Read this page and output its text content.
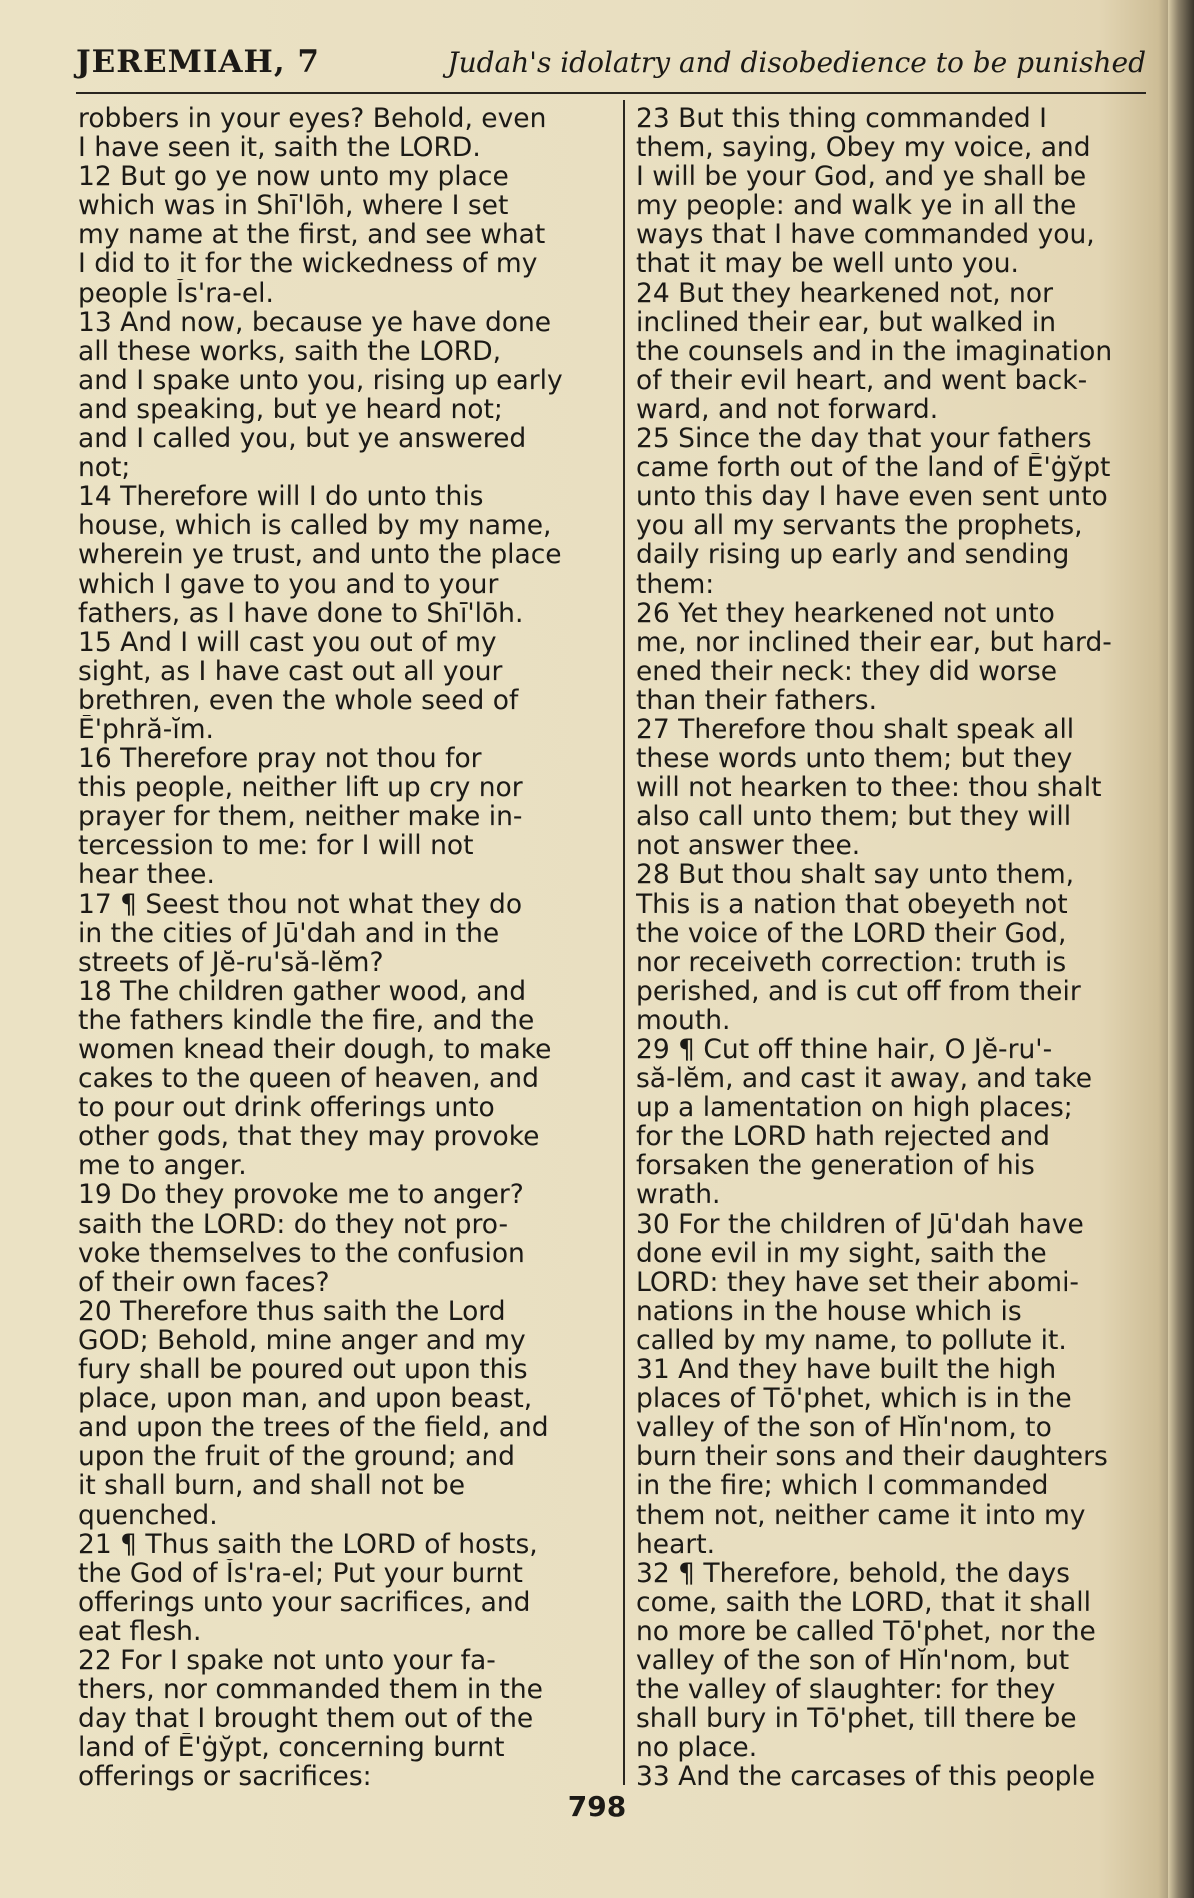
JEREMIAH, 7	Judah's idolatry and disobedience to be punished
robbers in your eyes? Behold, even
I have seen it, saith the LORD.
12 But go ye now unto my place
which was in Shī'lōh, where I set
my name at the first, and see what
I did to it for the wickedness of my
people Ĭs'ra-el.
13 And now, because ye have done
all these works, saith the LORD,
and I spake unto you, rising up early
and speaking, but ye heard not;
and I called you, but ye answered
not;
14 Therefore will I do unto this
house, which is called by my name,
wherein ye trust, and unto the place
which I gave to you and to your
fathers, as I have done to Shī'lōh.
15 And I will cast you out of my
sight, as I have cast out all your
brethren, even the whole seed of
Ē'phră-ĭm.
16 Therefore pray not thou for
this people, neither lift up cry nor
prayer for them, neither make in-
tercession to me: for I will not
hear thee.
17 ¶ Seest thou not what they do
in the cities of Jū'dah and in the
streets of Jĕ-ru'să-lĕm?
18 The children gather wood, and
the fathers kindle the fire, and the
women knead their dough, to make
cakes to the queen of heaven, and
to pour out drink offerings unto
other gods, that they may provoke
me to anger.
19 Do they provoke me to anger?
saith the LORD: do they not pro-
voke themselves to the confusion
of their own faces?
20 Therefore thus saith the Lord
GOD; Behold, mine anger and my
fury shall be poured out upon this
place, upon man, and upon beast,
and upon the trees of the field, and
upon the fruit of the ground; and
it shall burn, and shall not be
quenched.
21 ¶ Thus saith the LORD of hosts,
the God of Ĭs'ra-el; Put your burnt
offerings unto your sacrifices, and
eat flesh.
22 For I spake not unto your fa-
thers, nor commanded them in the
day that I brought them out of the
land of Ē'ġўpt, concerning burnt
offerings or sacrifices:
23 But this thing commanded I
them, saying, Obey my voice, and
I will be your God, and ye shall be
my people: and walk ye in all the
ways that I have commanded you,
that it may be well unto you.
24 But they hearkened not, nor
inclined their ear, but walked in
the counsels and in the imagination
of their evil heart, and went back-
ward, and not forward.
25 Since the day that your fathers
came forth out of the land of Ē'ġўpt
unto this day I have even sent unto
you all my servants the prophets,
daily rising up early and sending
them:
26 Yet they hearkened not unto
me, nor inclined their ear, but hard-
ened their neck: they did worse
than their fathers.
27 Therefore thou shalt speak all
these words unto them; but they
will not hearken to thee: thou shalt
also call unto them; but they will
not answer thee.
28 But thou shalt say unto them,
This is a nation that obeyeth not
the voice of the LORD their God,
nor receiveth correction: truth is
perished, and is cut off from their
mouth.
29 ¶ Cut off thine hair, O Jĕ-ru'-
să-lĕm, and cast it away, and take
up a lamentation on high places;
for the LORD hath rejected and
forsaken the generation of his
wrath.
30 For the children of Jū'dah have
done evil in my sight, saith the
LORD: they have set their abomi-
nations in the house which is
called by my name, to pollute it.
31 And they have built the high
places of Tō'phet, which is in the
valley of the son of Hĭn'nom, to
burn their sons and their daughters
in the fire; which I commanded
them not, neither came it into my
heart.
32 ¶ Therefore, behold, the days
come, saith the LORD, that it shall
no more be called Tō'phet, nor the
valley of the son of Hĭn'nom, but
the valley of slaughter: for they
shall bury in Tō'phet, till there be
no place.
33 And the carcases of this people
798
